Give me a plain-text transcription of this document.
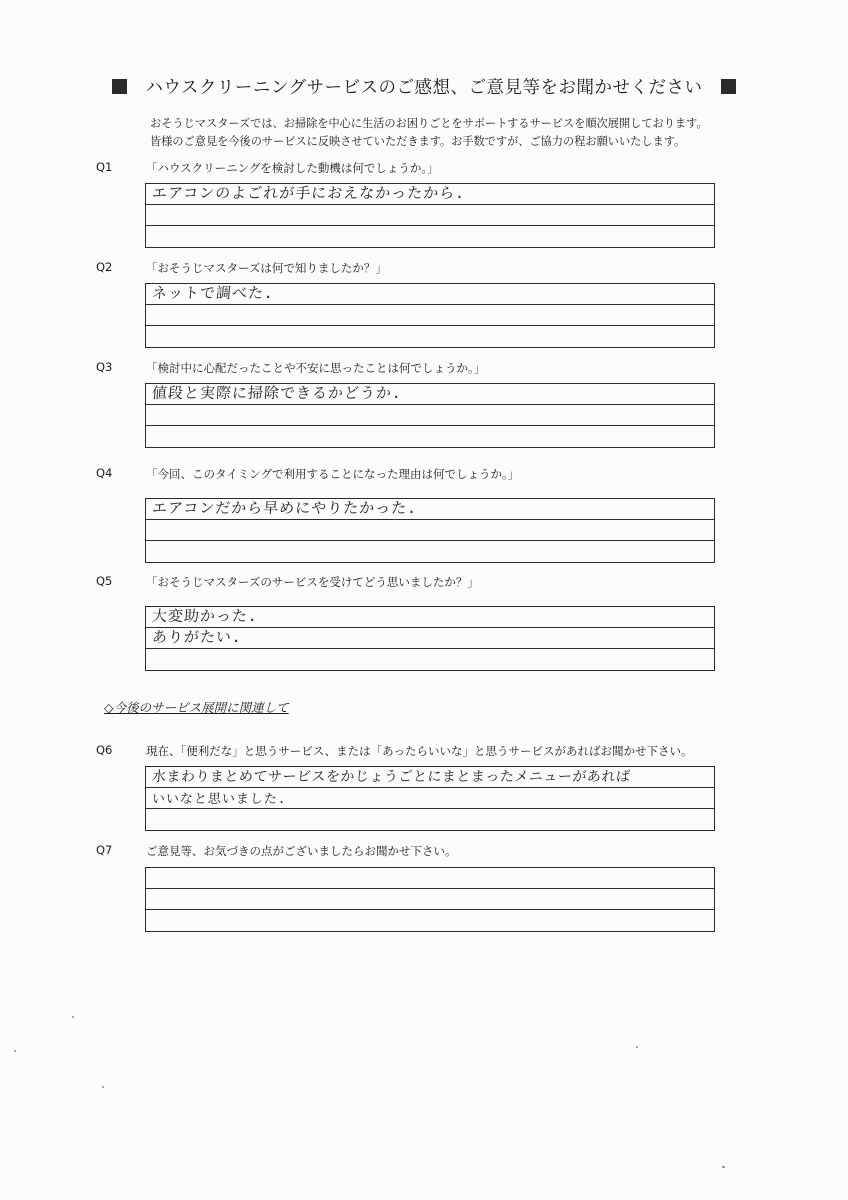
ハウスクリーニングサービスのご感想、ご意見等をお聞かせください
おそうじマスターズでは、お掃除を中心に生活のお困りごとをサポートするサービスを順次展開しております。
皆様のご意見を今後のサービスに反映させていただきます。お手数ですが、ご協力の程お願いいたします。
Q1	「ハウスクリーニングを検討した動機は何でしょうか。」
エアコンのよごれが手におえなかったから.
Q2	「おそうじマスターズは何で知りましたか？」
ネットで調べた.
Q3	「検討中に心配だったことや不安に思ったことは何でしょうか。」
値段と実際に掃除できるかどうか.
Q4	「今回、このタイミングで利用することになった理由は何でしょうか。」
エアコンだから早めにやりたかった.
Q5	「おそうじマスターズのサービスを受けてどう思いましたか？」
大変助かった.
ありがたい.
◇今後のサービス展開に関連して
Q6	現在、「便利だな」と思うサービス、または「あったらいいな」と思うサービスがあればお聞かせ下さい。
水まわりまとめてサービスをかじょうごとにまとまったメニューがあれば
いいなと思いました.
Q7	ご意見等、お気づきの点がございましたらお聞かせ下さい。
